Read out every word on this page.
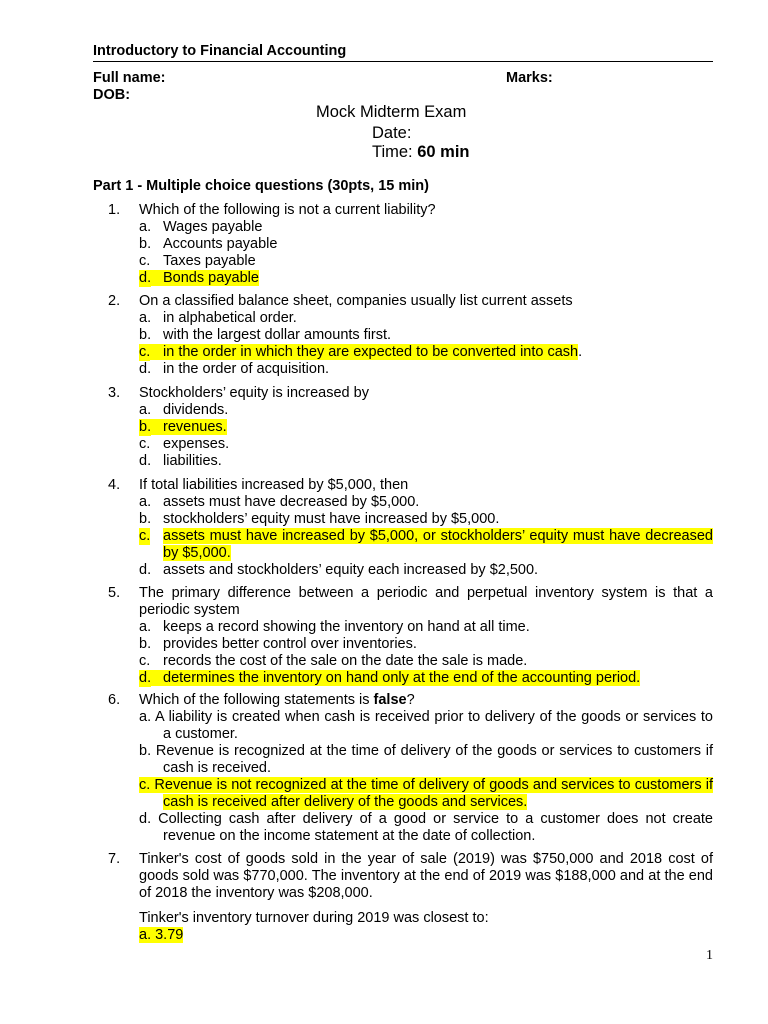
Introductory to Financial Accounting
Full name:	Marks:
DOB:
Mock Midterm Exam
Date:
Time: 60 min
Part 1 - Multiple choice questions (30pts, 15 min)
1. Which of the following is not a current liability?
a. Wages payable
b. Accounts payable
c. Taxes payable
d. Bonds payable
2. On a classified balance sheet, companies usually list current assets
a. in alphabetical order.
b. with the largest dollar amounts first.
c. in the order in which they are expected to be converted into cash.
d. in the order of acquisition.
3. Stockholders’ equity is increased by
a. dividends.
b. revenues.
c. expenses.
d. liabilities.
4. If total liabilities increased by $5,000, then
a. assets must have decreased by $5,000.
b. stockholders’ equity must have increased by $5,000.
c. assets must have increased by $5,000, or stockholders’ equity must have decreased by $5,000.
d. assets and stockholders’ equity each increased by $2,500.
5. The primary difference between a periodic and perpetual inventory system is that a periodic system
a. keeps a record showing the inventory on hand at all time.
b. provides better control over inventories.
c. records the cost of the sale on the date the sale is made.
d. determines the inventory on hand only at the end of the accounting period.
6. Which of the following statements is false?
a. A liability is created when cash is received prior to delivery of the goods or services to a customer.
b. Revenue is recognized at the time of delivery of the goods or services to customers if cash is received.
c. Revenue is not recognized at the time of delivery of goods and services to customers if cash is received after delivery of the goods and services.
d. Collecting cash after delivery of a good or service to a customer does not create revenue on the income statement at the date of collection.
7. Tinker's cost of goods sold in the year of sale (2019) was $750,000 and 2018 cost of goods sold was $770,000. The inventory at the end of 2019 was $188,000 and at the end of 2018 the inventory was $208,000.
Tinker's inventory turnover during 2019 was closest to:
a. 3.79
1
